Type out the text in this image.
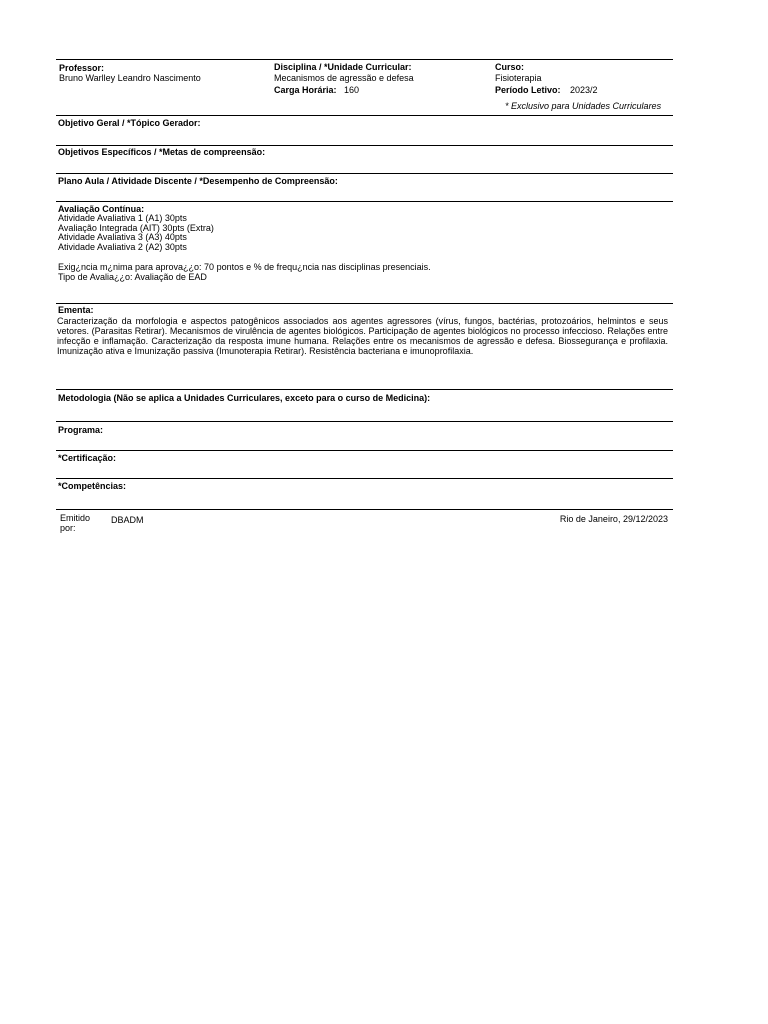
Professor:
Bruno Warlley Leandro Nascimento
Disciplina / *Unidade Curricular:
Mecanismos de agressão e defesa
Carga Horária: 160
Curso:
Fisioterapia
Período Letivo: 2023/2
* Exclusivo para Unidades Curriculares
Objetivo Geral / *Tópico Gerador:
Objetivos Específicos / *Metas de compreensão:
Plano Aula / Atividade Discente / *Desempenho de Compreensão:
Avaliação Contínua:
Atividade Avaliativa 1 (A1) 30pts
Avaliação Integrada (AIT) 30pts (Extra)
Atividade Avaliativa 3 (A3) 40pts
Atividade Avaliativa 2 (A2) 30pts
Exig¿ncia m¿nima para aprova¿¿o: 70 pontos e % de frequ¿ncia nas disciplinas presenciais.
Tipo de Avalia¿¿o: Avaliação de EAD
Ementa:
Caracterização da morfologia e aspectos patogênicos associados aos agentes agressores (vírus, fungos, bactérias, protozoários, helmintos e seus vetores. (Parasitas Retirar). Mecanismos de virulência de agentes biológicos. Participação de agentes biológicos no processo infeccioso. Relações entre infecção e inflamação. Caracterização da resposta imune humana. Relações entre os mecanismos de agressão e defesa. Biossegurança e profilaxia. Imunização ativa e Imunização passiva (Imunoterapia Retirar). Resistência bacteriana e imunoprofilaxia.
Metodologia (Não se aplica a Unidades Curriculares, exceto para o curso de Medicina):
Programa:
*Certificação:
*Competências:
Emitido
por:
DBADM	Rio de Janeiro, 29/12/2023
